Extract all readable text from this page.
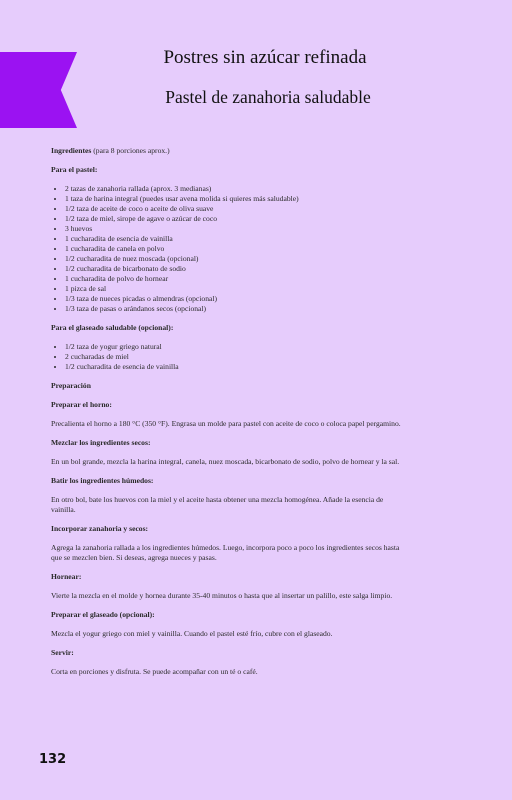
Postres sin azúcar refinada
Pastel de zanahoria saludable

Ingredientes (para 8 porciones aprox.)

Para el pastel:

• 2 tazas de zanahoria rallada (aprox. 3 medianas)
• 1 taza de harina integral (puedes usar avena molida si quieres más saludable)
• 1/2 taza de aceite de coco o aceite de oliva suave
• 1/2 taza de miel, sirope de agave o azúcar de coco
• 3 huevos
• 1 cucharadita de esencia de vainilla
• 1 cucharadita de canela en polvo
• 1/2 cucharadita de nuez moscada (opcional)
• 1/2 cucharadita de bicarbonato de sodio
• 1 cucharadita de polvo de hornear
• 1 pizca de sal
• 1/3 taza de nueces picadas o almendras (opcional)
• 1/3 taza de pasas o arándanos secos (opcional)

Para el glaseado saludable (opcional):

• 1/2 taza de yogur griego natural
• 2 cucharadas de miel
• 1/2 cucharadita de esencia de vainilla

Preparación

Preparar el horno:

Precalienta el horno a 180 °C (350 °F). Engrasa un molde para pastel con aceite de coco o coloca papel pergamino.

Mezclar los ingredientes secos:

En un bol grande, mezcla la harina integral, canela, nuez moscada, bicarbonato de sodio, polvo de hornear y la sal.

Batir los ingredientes húmedos:

En otro bol, bate los huevos con la miel y el aceite hasta obtener una mezcla homogénea. Añade la esencia de vainilla.

Incorporar zanahoria y secos:

Agrega la zanahoria rallada a los ingredientes húmedos. Luego, incorpora poco a poco los ingredientes secos hasta que se mezclen bien. Si deseas, agrega nueces y pasas.

Hornear:

Vierte la mezcla en el molde y hornea durante 35-40 minutos o hasta que al insertar un palillo, este salga limpio.

Preparar el glaseado (opcional):

Mezcla el yogur griego con miel y vainilla. Cuando el pastel esté frío, cubre con el glaseado.

Servir:

Corta en porciones y disfruta. Se puede acompañar con un té o café.

132
